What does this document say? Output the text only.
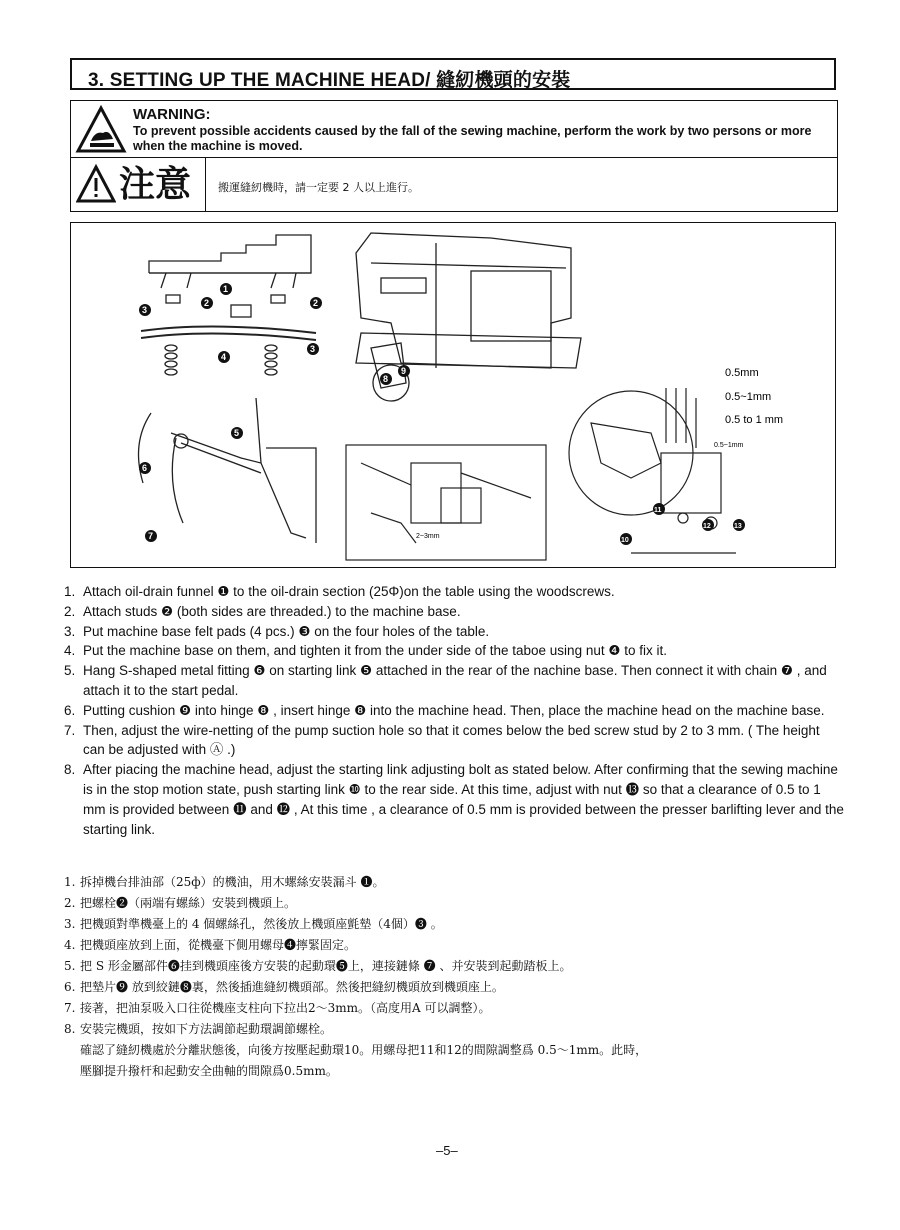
3. SETTING UP THE MACHINE HEAD/ 縫紉機頭的安裝
WARNING:
To prevent possible accidents caused by the fall of the sewing machine, perform the work by two persons or more when the machine is moved.
注意 搬運縫紉機時，請一定要 2 人以上進行。
0.5mm
0.5~1mm
0.5 to 1 mm
0.5~1mm
2~3mm
1
2	2
3
3
4
5
6
7
8
9
10
11
12	13
1. Attach oil-drain funnel ❶ to the oil-drain section (25Φ)on the table using the woodscrews.
2. Attach studs ❷ (both sides are threaded.) to the machine base.
3. Put machine base felt pads (4 pcs.) ❸ on the four holes of the table.
4. Put the machine base on them, and tighten it from the under side of the taboe using nut ❹ to fix it.
5. Hang S-shaped metal fitting ❻ on starting link ❺ attached in the rear of the nachine base. Then connect it with chain ❼ , and attach it to the start pedal.
6. Putting cushion ❾ into hinge ❽ , insert hinge ❽ into the machine head. Then, place the machine head on the machine base.
7. Then, adjust the wire-netting of the pump suction hole so that it comes below the bed screw stud by 2 to 3 mm. ( The height can be adjusted with Ⓐ .)
8. After piacing the machine head, adjust the starting link adjusting bolt as stated below. After confirming that the sewing machine is in the stop motion state, push starting link ❿ to the rear side. At this time, adjust with nut ⓭ so that a clearance of 0.5 to 1 mm is provided between ⓫ and ⓬ , At this time , a clearance of 0.5 mm is provided between the presser barlifting lever and the starting link.
1. 拆掉機台排油部（25ф）的機油，用木螺絲安裝漏斗 ❶。
2. 把螺栓❷（兩端有螺絲）安裝到機頭上。
3. 把機頭對準機臺上的 4 個螺絲孔，然後放上機頭座氈墊（4個）❸ 。
4. 把機頭座放到上面，從機臺下側用螺母❹擰緊固定。
5. 把 S 形金屬部件❻挂到機頭座後方安裝的起動環❺上，連接鏈條 ❼ 、并安裝到起動踏板上。
6. 把墊片❾ 放到絞鏈❽裏，然後插進縫紉機頭部。然後把縫紉機頭放到機頭座上。
7. 接著，把油泵吸入口往從機座支柱向下拉出2～3mm。（高度用A 可以調整）。
8. 安裝完機頭，按如下方法調節起動環調節螺栓。
確認了縫紉機處於分離狀態後，向後方按壓起動環10。用螺母把11和12的間隙調整爲 0.5～1mm。此時，
壓腳提升撥杆和起動安全曲軸的間隙爲0.5mm。
–5–
